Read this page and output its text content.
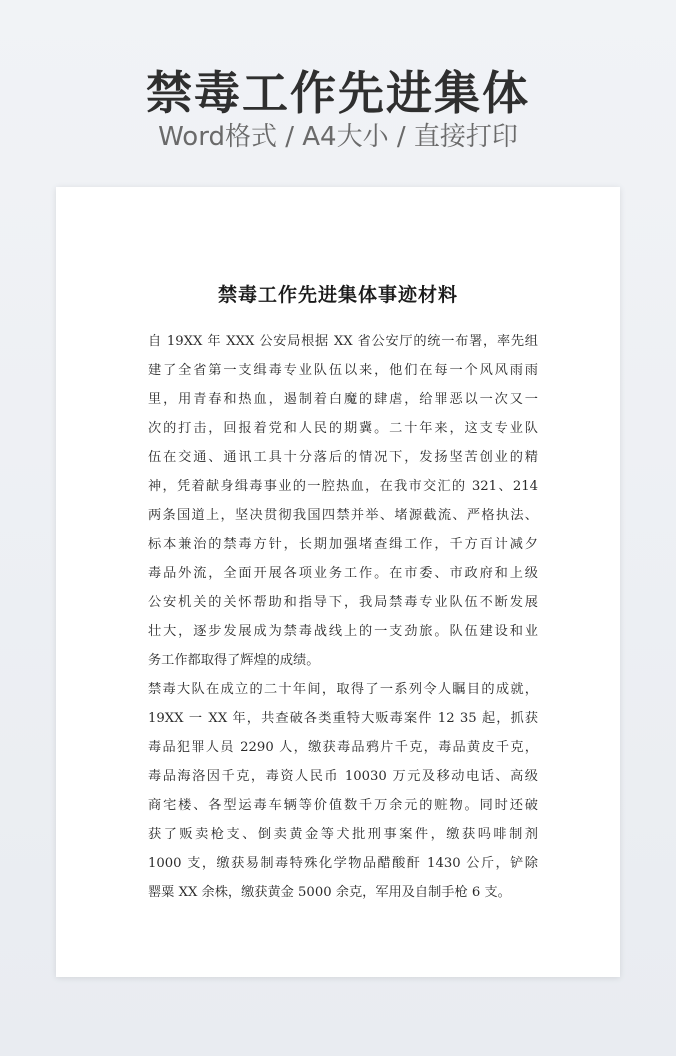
禁毒工作先进集体

Word格式 / A4大小 / 直接打印

禁毒工作先进集体事迹材料
自 19XX 年 XXX 公安局根据 XX 省公安厅的统一布署，率先组
建了全省第一支缉毒专业队伍以来，他们在每一个风风雨雨
里，用青春和热血，遏制着白魔的肆虐，给罪恶以一次又一
次的打击，回报着党和人民的期冀。二十年来，这支专业队
伍在交通、通讯工具十分落后的情况下，发扬坚苦创业的精
神，凭着献身缉毒事业的一腔热血，在我市交汇的 321、214
两条国道上，坚决贯彻我国四禁并举、堵源截流、严格执法、
标本兼治的禁毒方针，长期加强堵查缉工作，千方百计减夕
毒品外流，全面开展各项业务工作。在市委、市政府和上级
公安机关的关怀帮助和指导下，我局禁毒专业队伍不断发展
壮大，逐步发展成为禁毒战线上的一支劲旅。队伍建设和业
务工作都取得了辉煌的成绩。
禁毒大队在成立的二十年间，取得了一系列令人瞩目的成就，
19XX 一 XX 年，共查破各类重特大贩毒案件 12 35 起，抓获
毒品犯罪人员 2290 人，缴获毒品鸦片千克，毒品黄皮千克，
毒品海洛因千克，毒资人民币 10030 万元及移动电话、高级
商宅楼、各型运毒车辆等价值数千万余元的赃物。同时还破
获了贩卖枪支、倒卖黄金等犬批刑事案件，缴获吗啡制剂
1000 支，缴获易制毒特殊化学物品醋酸酐 1430 公斤，铲除
罂粟 XX 余株，缴获黄金 5000 余克，军用及自制手枪 6 支。
